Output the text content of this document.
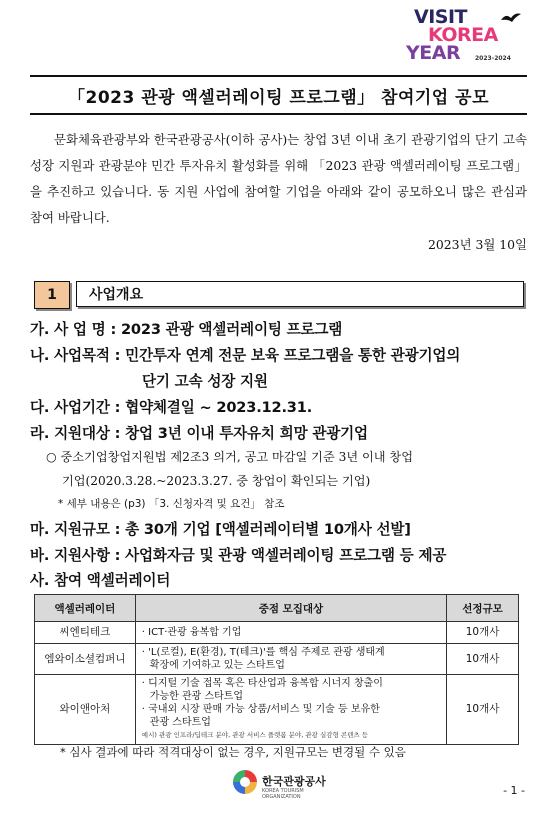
VISIT
KOREA
YEAR 2023-2024
「2023 관광 액셀러레이팅 프로그램」 참여기업 공모

문화체육관광부와 한국관광공사(이하 공사)는 창업 3년 이내 초기 관광기업의 단기 고속 성장 지원과 관광분야 민간 투자유치 활성화를 위해 「2023 관광 액셀러레이팅 프로그램」을 추진하고 있습니다. 동 지원 사업에 참여할 기업을 아래와 같이 공모하오니 많은 관심과 참여 바랍니다.

2023년 3월 10일
1	사업개요
가. 사 업 명 : 2023 관광 액셀러레이팅 프로그램
나. 사업목적 : 민간투자 연계 전문 보육 프로그램을 통한 관광기업의
단기 고속 성장 지원
다. 사업기간 : 협약체결일 ~ 2023.12.31.
라. 지원대상 : 창업 3년 이내 투자유치 희망 관광기업
○ 중소기업창업지원법 제2조3 의거, 공고 마감일 기준 3년 이내 창업
기업(2020.3.28.~2023.3.27. 중 창업이 확인되는 기업)
* 세부 내용은 (p3) 「3. 신청자격 및 요건」 참조
마. 지원규모 : 총 30개 기업 [액셀러레이터별 10개사 선발]
바. 지원사항 : 사업화자금 및 관광 액셀러레이팅 프로그램 등 제공
사. 참여 액셀러레이터
액셀러레이터	중점 모집대상	선정규모
씨엔티테크	· ICT·관광 융복합 기업	10개사
엠와이소셜컴퍼니	· 'L(로컬), E(환경), T(테크)'를 핵심 주제로 관광 생태계
확장에 기여하고 있는 스타트업	10개사
와이앤아처	· 디지털 기술 접목 혹은 타산업과 융복합 시너지 창출이
가능한 관광 스타트업
· 국내외 시장 판매 가능 상품/서비스 및 기술 등 보유한
관광 스타트업
예시) 관광 인프라/딥테크 분야, 관광 서비스 플랫폼 분야, 관광 실감형 콘텐츠 등	10개사
* 심사 결과에 따라 적격대상이 없는 경우, 지원규모는 변경될 수 있음
한국관광공사
KOREA TOURISM ORGANIZATION	- 1 -
